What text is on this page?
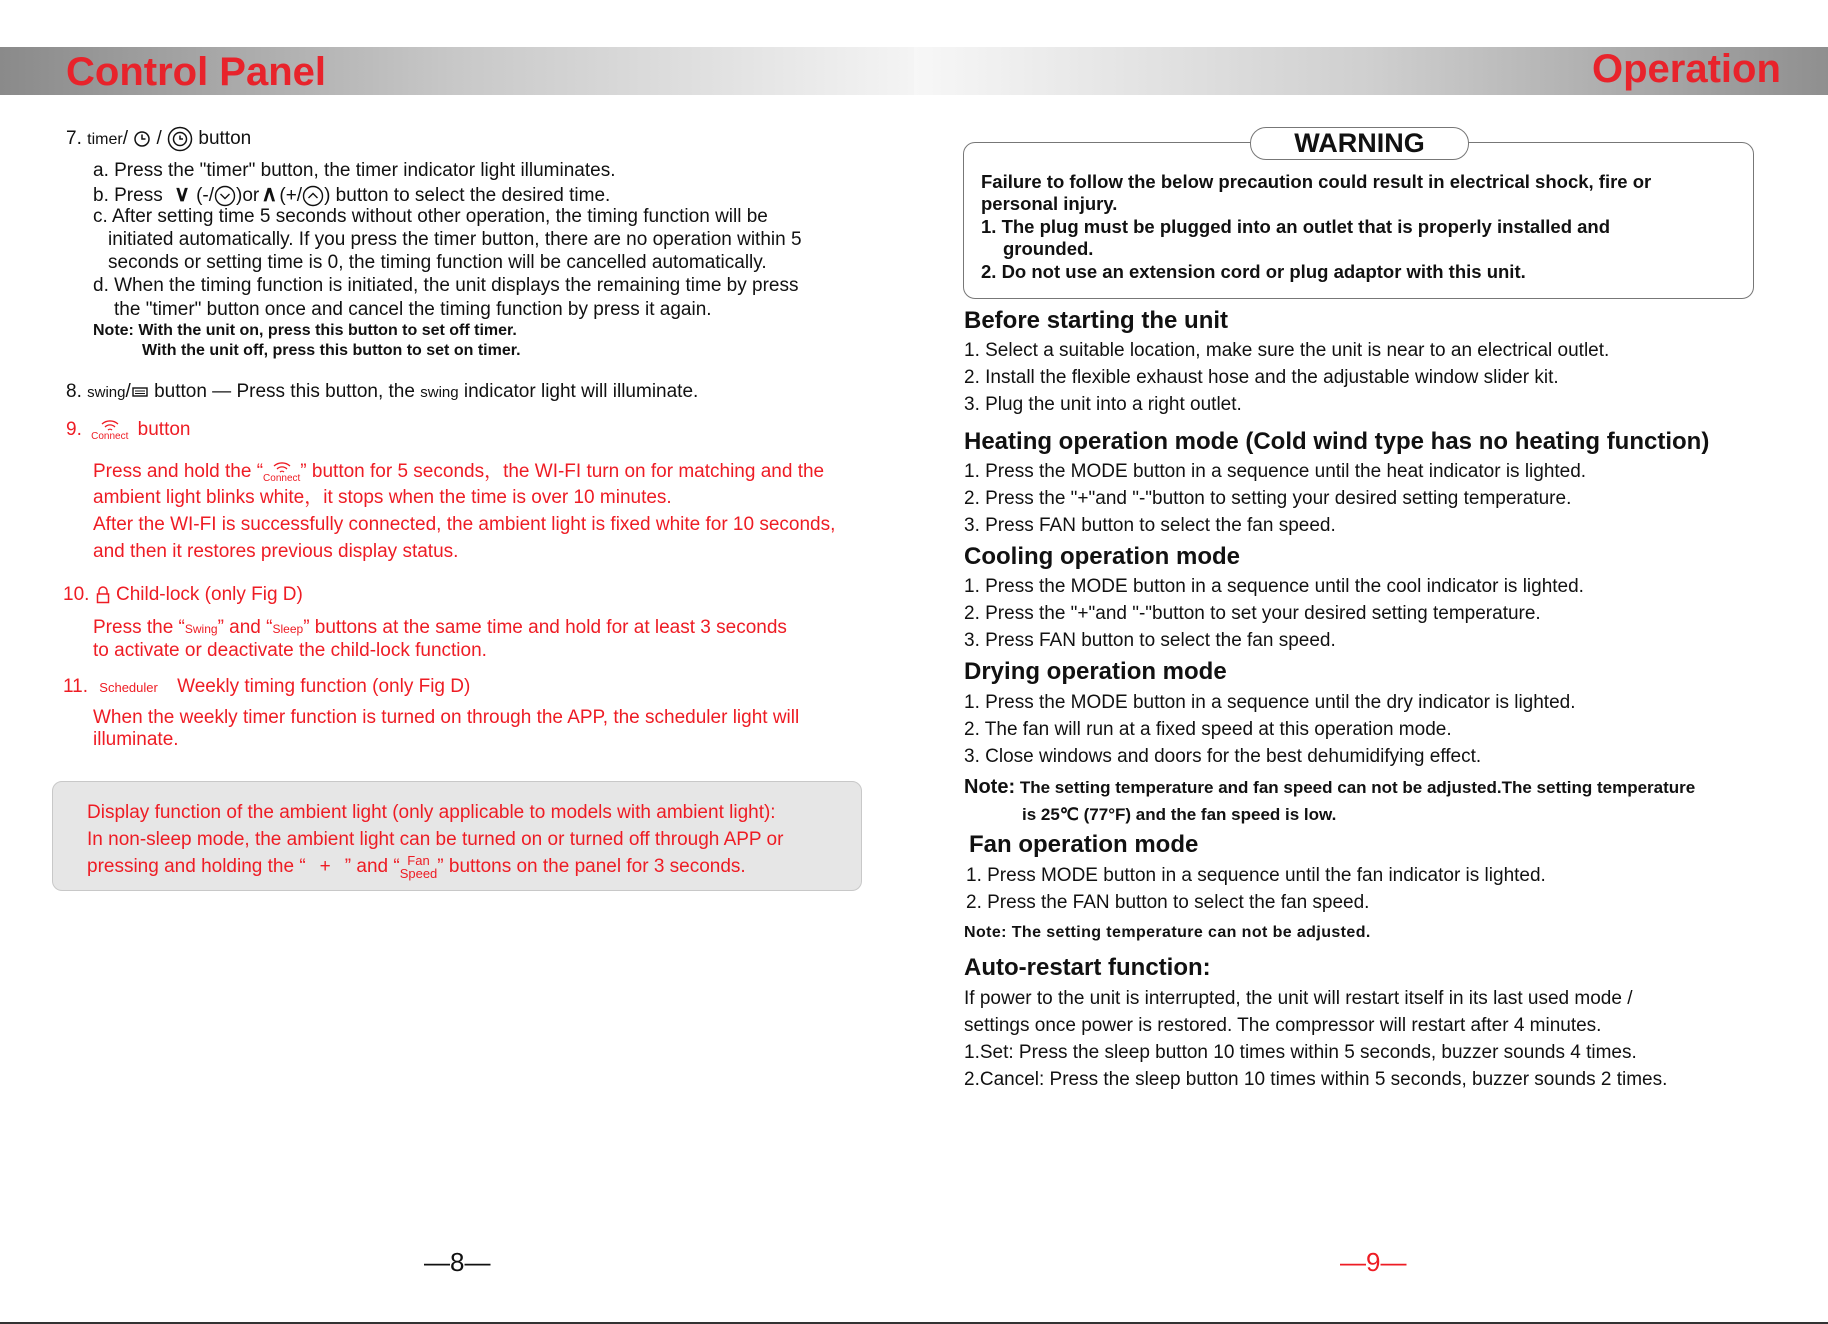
Control Panel	Operation
7. timer/ / button
a. Press the "timer" button, the timer indicator light illuminates.
b. Press ∨ (-/ )or∧ (+/ ) button to select the desired time.
c. After setting time 5 seconds without other operation, the timing function will be
initiated automatically. If you press the timer button, there are no operation within 5
seconds or setting time is 0, the timing function will be cancelled automatically.
d. When the timing function is initiated, the unit displays the remaining time by press
the "timer" button once and cancel the timing function by press it again.
Note: With the unit on, press this button to set off timer.
With the unit off, press this button to set on timer.
8. swing/ button — Press this button, the swing indicator light will illuminate.
9. Connect button
Press and hold the “ Connect ” button for 5 seconds，the WI-FI turn on for matching and the
ambient light blinks white，it stops when the time is over 10 minutes.
After the WI-FI is successfully connected, the ambient light is fixed white for 10 seconds,
and then it restores previous display status.
10. Child-lock (only Fig D)
Press the “Swing” and “Sleep” buttons at the same time and hold for at least 3 seconds
to activate or deactivate the child-lock function.
11. Scheduler Weekly timing function (only Fig D)
When the weekly timer function is turned on through the APP, the scheduler light will
illuminate.
Display function of the ambient light (only applicable to models with ambient light):
In non-sleep mode, the ambient light can be turned on or turned off through APP or
pressing and holding the “ + ” and “ Fan
Speed ” buttons on the panel for 3 seconds.
—8—
WARNING
Failure to follow the below precaution could result in electrical shock, fire or
personal injury.
1. The plug must be plugged into an outlet that is properly installed and
grounded.
2. Do not use an extension cord or plug adaptor with this unit.
Before starting the unit
1. Select a suitable location, make sure the unit is near to an electrical outlet.
2. Install the flexible exhaust hose and the adjustable window slider kit.
3. Plug the unit into a right outlet.
Heating operation mode (Cold wind type has no heating function)
1. Press the MODE button in a sequence until the heat indicator is lighted.
2. Press the ʺ+ʺand ʺ-ʺbutton to setting your desired setting temperature.
3. Press FAN button to select the fan speed.
Cooling operation mode
1. Press the MODE button in a sequence until the cool indicator is lighted.
2. Press the ʺ+ʺand ʺ-ʺbutton to set your desired setting temperature.
3. Press FAN button to select the fan speed.
Drying operation mode
1. Press the MODE button in a sequence until the dry indicator is lighted.
2. The fan will run at a fixed speed at this operation mode.
3. Close windows and doors for the best dehumidifying effect.
Note: The setting temperature and fan speed can not be adjusted.The setting temperature
is 25℃ (77°F) and the fan speed is low.
Fan operation mode
1. Press MODE button in a sequence until the fan indicator is lighted.
2. Press the FAN button to select the fan speed.
Note: The setting temperature can not be adjusted.
Auto-restart function:
If power to the unit is interrupted, the unit will restart itself in its last used mode /
settings once power is restored. The compressor will restart after 4 minutes.
1.Set: Press the sleep button 10 times within 5 seconds, buzzer sounds 4 times.
2.Cancel: Press the sleep button 10 times within 5 seconds, buzzer sounds 2 times.
—9—
